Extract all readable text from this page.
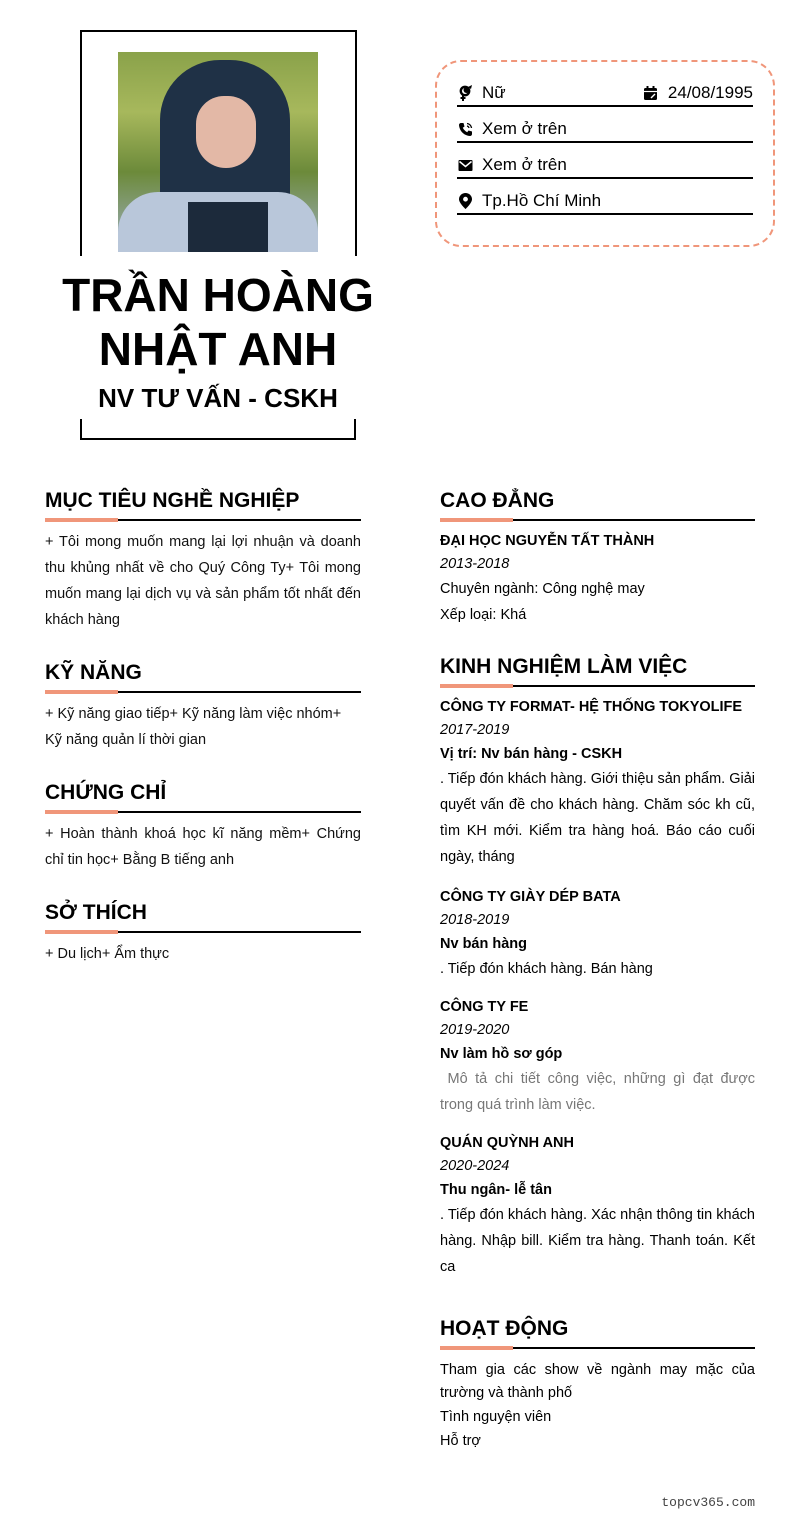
TRẦN HOÀNG
NHẬT ANH
NV TƯ VẤN - CSKH
Nữ	24/08/1995
Xem ở trên
Xem ở trên
Tp.Hồ Chí Minh
MỤC TIÊU NGHỀ NGHIỆP
+ Tôi mong muốn mang lại lợi nhuận và doanh thu khủng nhất về cho Quý Công Ty+ Tôi mong muốn mang lại dịch vụ và sản phẩm tốt nhất đến khách hàng
KỸ NĂNG
+ Kỹ năng giao tiếp+ Kỹ năng làm việc nhóm+ Kỹ năng quản lí thời gian
CHỨNG CHỈ
+ Hoàn thành khoá học kĩ năng mềm+ Chứng chỉ tin học+ Bằng B tiếng anh
SỞ THÍCH
+ Du lịch+ Ẩm thực
CAO ĐẲNG
ĐẠI HỌC NGUYỄN TẤT THÀNH
2013-2018
Chuyên ngành: Công nghệ may
Xếp loại: Khá
KINH NGHIỆM LÀM VIỆC
CÔNG TY FORMAT- HỆ THỐNG TOKYOLIFE
2017-2019
Vị trí: Nv bán hàng - CSKH
. Tiếp đón khách hàng. Giới thiệu sản phẩm. Giải quyết vấn đề cho khách hàng. Chăm sóc kh cũ, tìm KH mới. Kiểm tra hàng hoá. Báo cáo cuối ngày, tháng
CÔNG TY GIÀY DÉP BATA
2018-2019
Nv bán hàng
. Tiếp đón khách hàng. Bán hàng
CÔNG TY FE
2019-2020
Nv làm hồ sơ góp
Mô tả chi tiết công việc, những gì đạt được trong quá trình làm việc.
QUÁN QUỲNH ANH
2020-2024
Thu ngân- lễ tân
. Tiếp đón khách hàng. Xác nhận thông tin khách hàng. Nhập bill. Kiểm tra hàng. Thanh toán. Kết ca
HOẠT ĐỘNG
Tham gia các show về ngành may mặc của trường và thành phố
Tình nguyện viên
Hỗ trợ
topcv365.com
